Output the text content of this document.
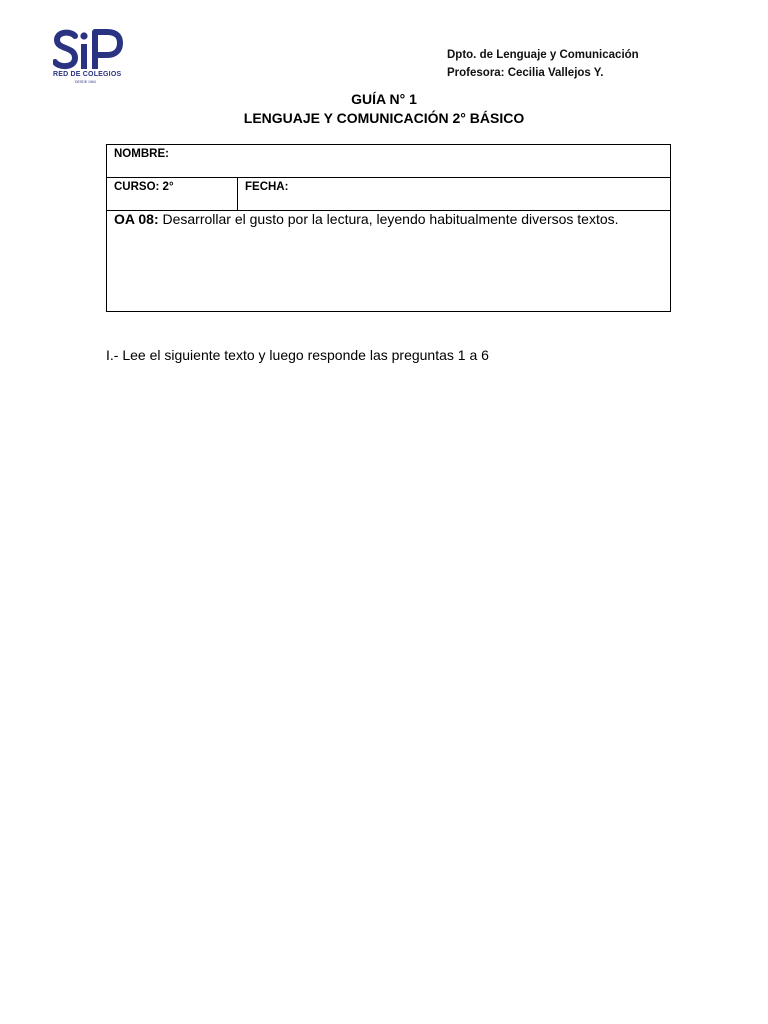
RED DE COLEGIOS
DESDE 1964
Dpto. de Lenguaje y Comunicación
Profesora: Cecilia Vallejos Y.
GUÍA N° 1
LENGUAJE Y COMUNICACIÓN 2° BÁSICO
NOMBRE:

CURSO: 2°	FECHA:

OA 08: Desarrollar el gusto por la lectura, leyendo habitualmente diversos textos.
I.- Lee el siguiente texto y luego responde las preguntas 1 a 6
